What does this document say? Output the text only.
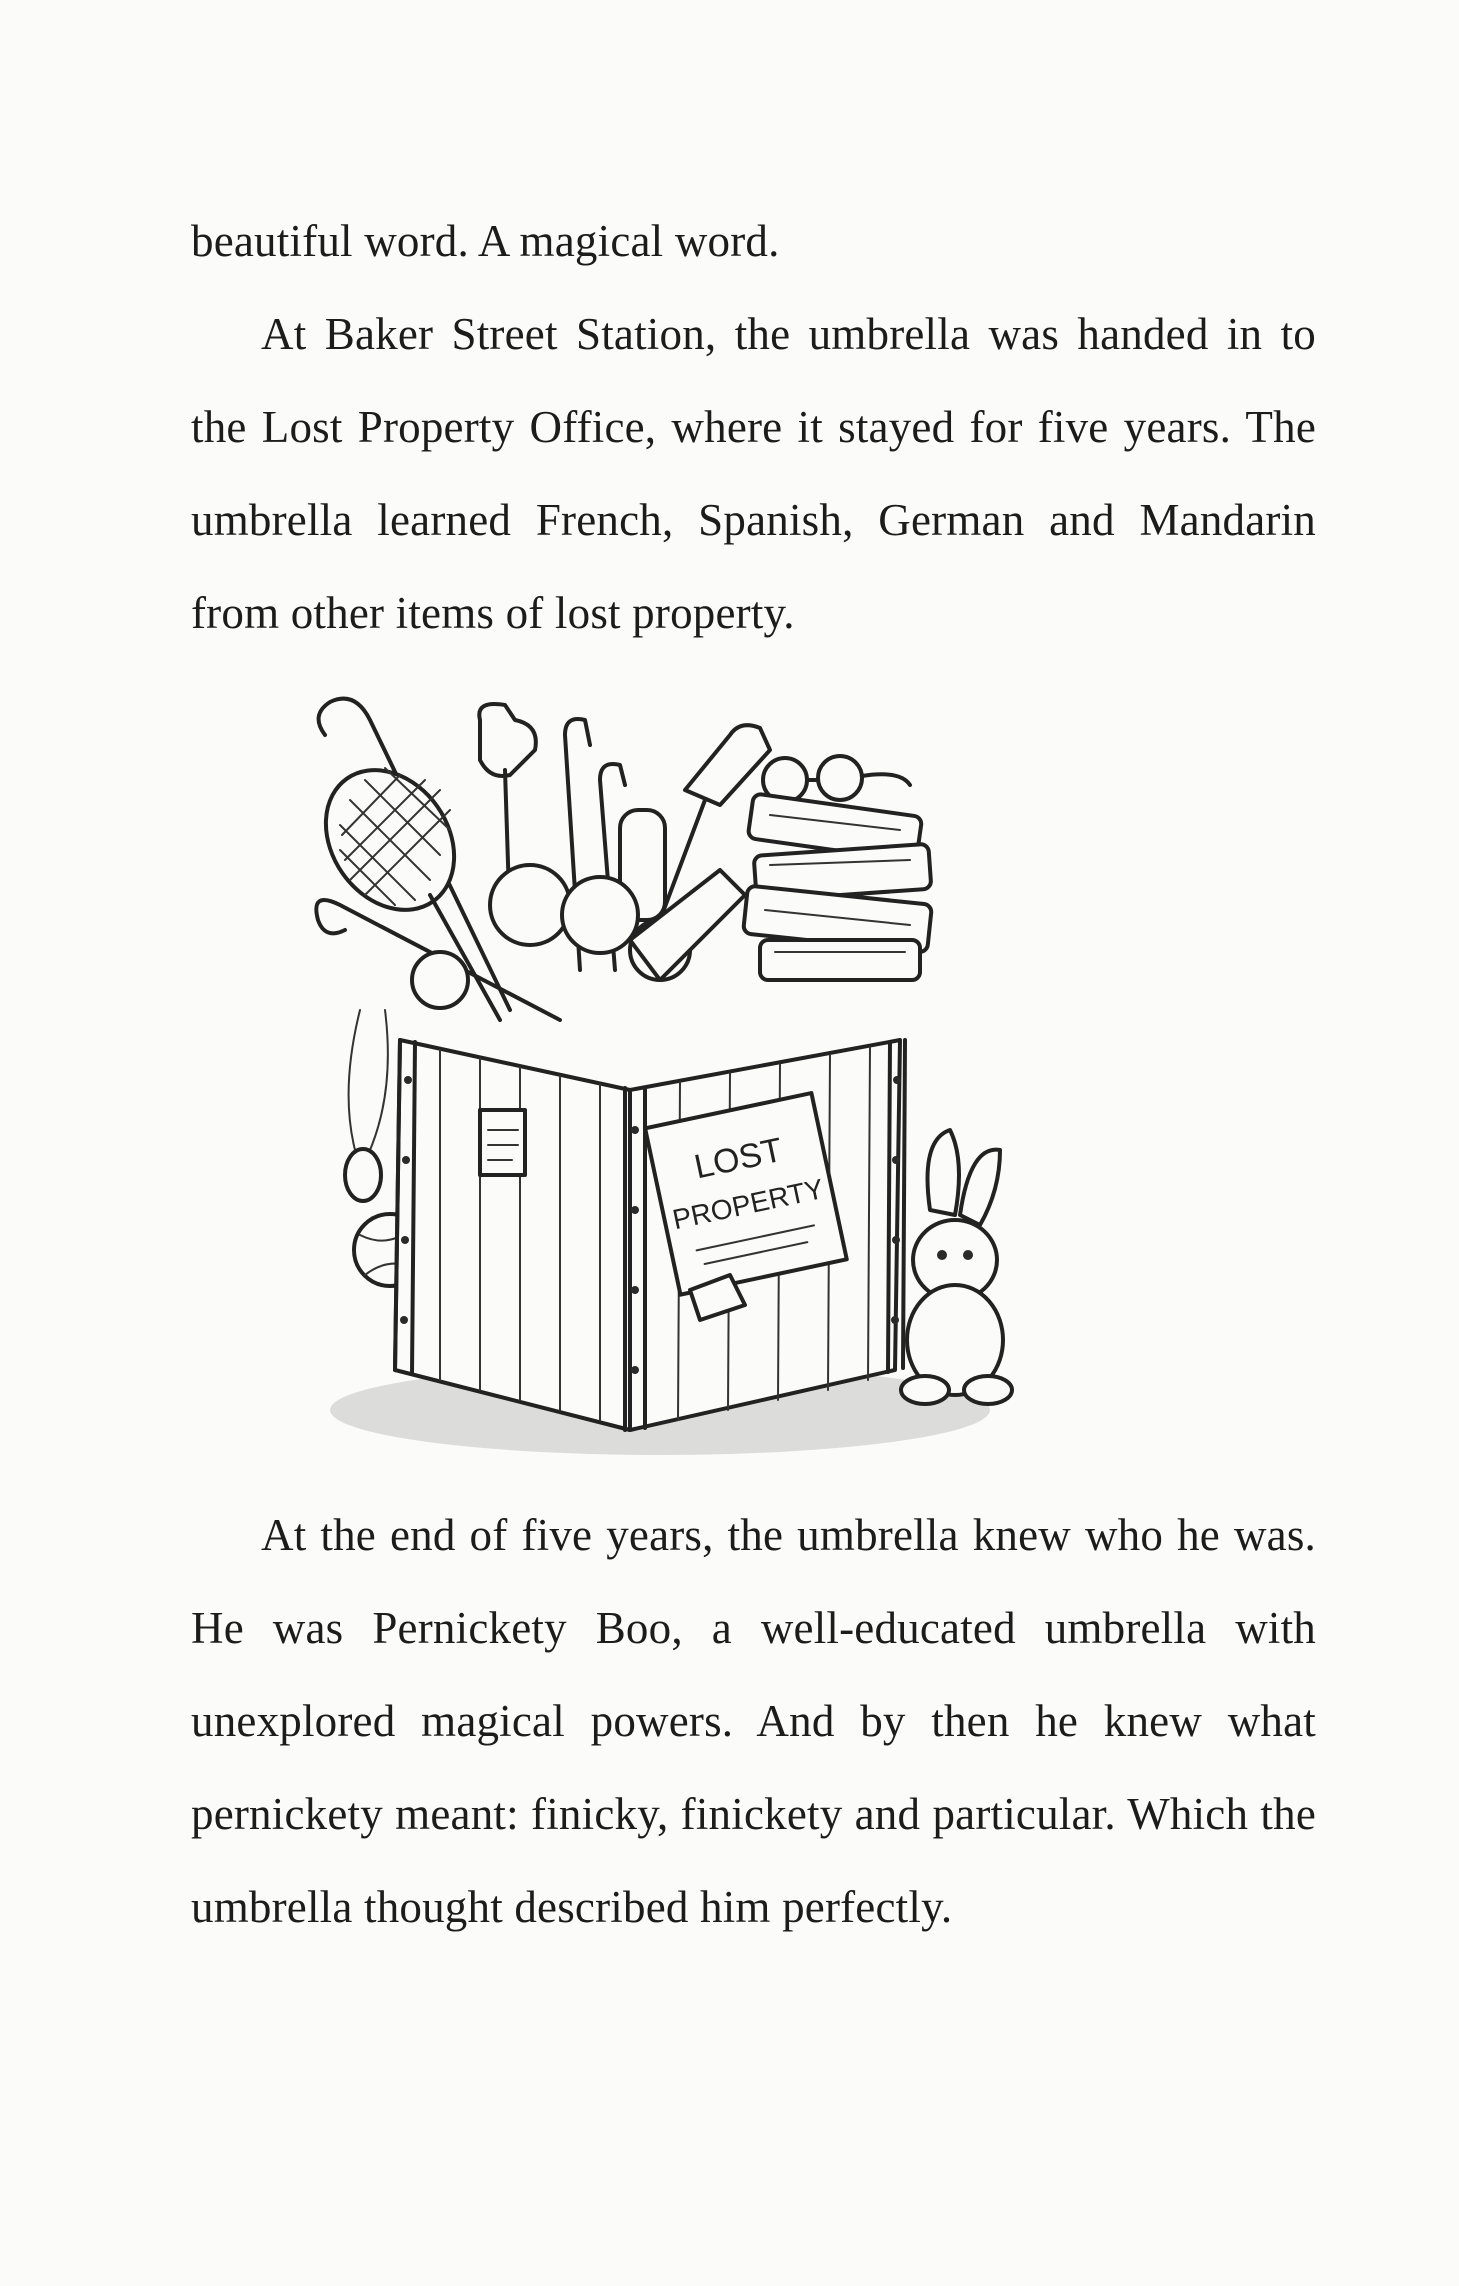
beautiful word. A magical word.

At Baker Street Station, the umbrella was handed in to the Lost Property Office, where it stayed for five years. The umbrella learned French, Spanish, German and Mandarin from other items of lost property.

LOST
PROPERTY

At the end of five years, the umbrella knew who he was. He was Pernickety Boo, a well-educated umbrella with unexplored magical powers. And by then he knew what pernickety meant: finicky, finickety and particular. Which the umbrella thought described him perfectly.
